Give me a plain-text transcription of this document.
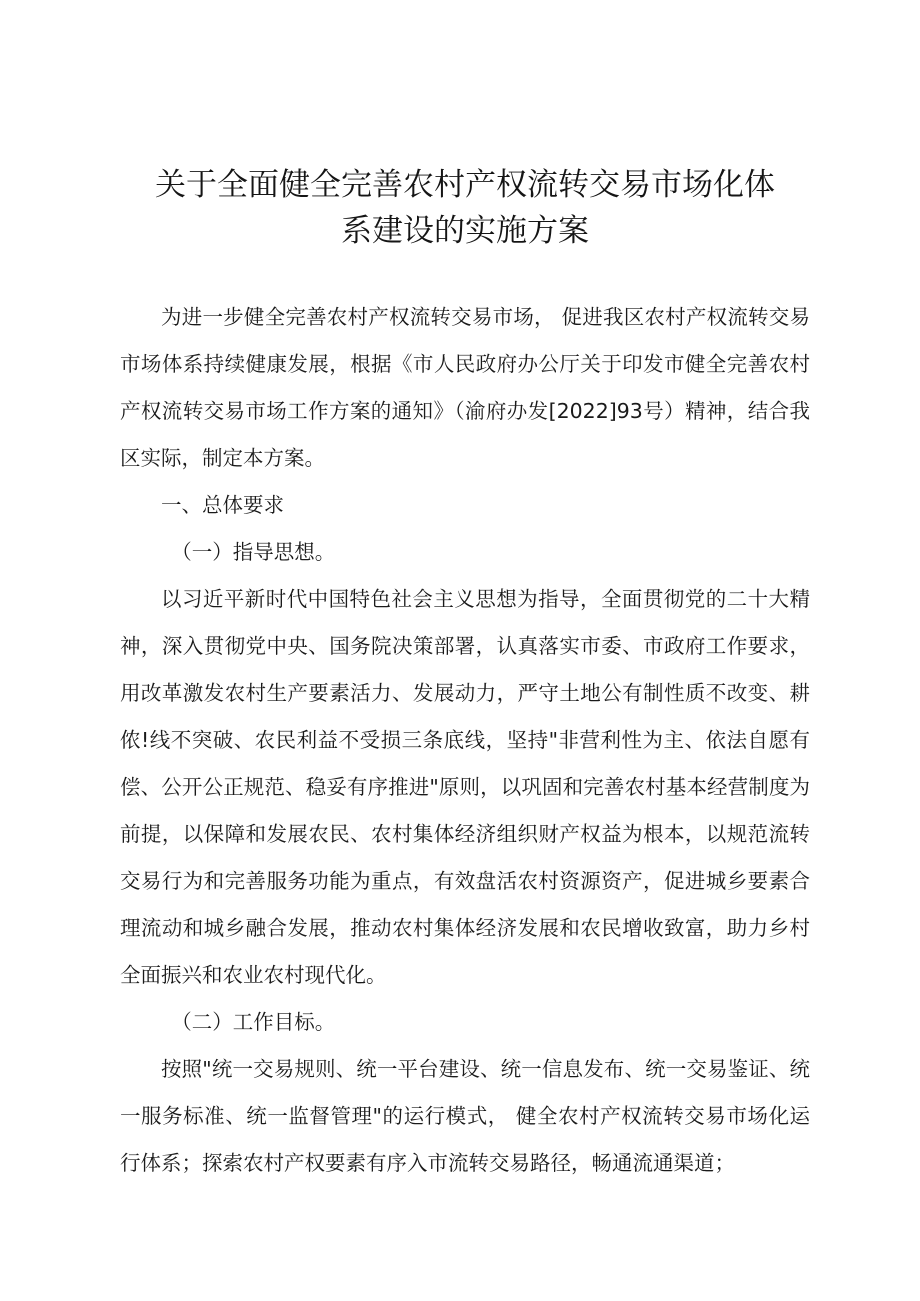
关于全面健全完善农村产权流转交易市场化体
系建设的实施方案

为进一步健全完善农村产权流转交易市场， 促进我区农村产权流转交易市场体系持续健康发展，根据《市人民政府办公厅关于印发市健全完善农村产权流转交易市场工作方案的通知》（渝府办发[2022]93号）精神，结合我区实际，制定本方案。

一、总体要求

（一）指导思想。

以习近平新时代中国特色社会主义思想为指导，全面贯彻党的二十大精神，深入贯彻党中央、国务院决策部署，认真落实市委、市政府工作要求，用改革激发农村生产要素活力、发展动力，严守土地公有制性质不改变、耕侬!线不突破、农民利益不受损三条底线，坚持"非营利性为主、依法自愿有偿、公开公正规范、稳妥有序推进"原则，以巩固和完善农村基本经营制度为前提，以保障和发展农民、农村集体经济组织财产权益为根本，以规范流转交易行为和完善服务功能为重点，有效盘活农村资源资产，促进城乡要素合理流动和城乡融合发展，推动农村集体经济发展和农民增收致富，助力乡村全面振兴和农业农村现代化。

（二）工作目标。

按照"统一交易规则、统一平台建设、统一信息发布、统一交易鉴证、统一服务标准、统一监督管理"的运行模式， 健全农村产权流转交易市场化运行体系；探索农村产权要素有序入市流转交易路径，畅通流通渠道；
